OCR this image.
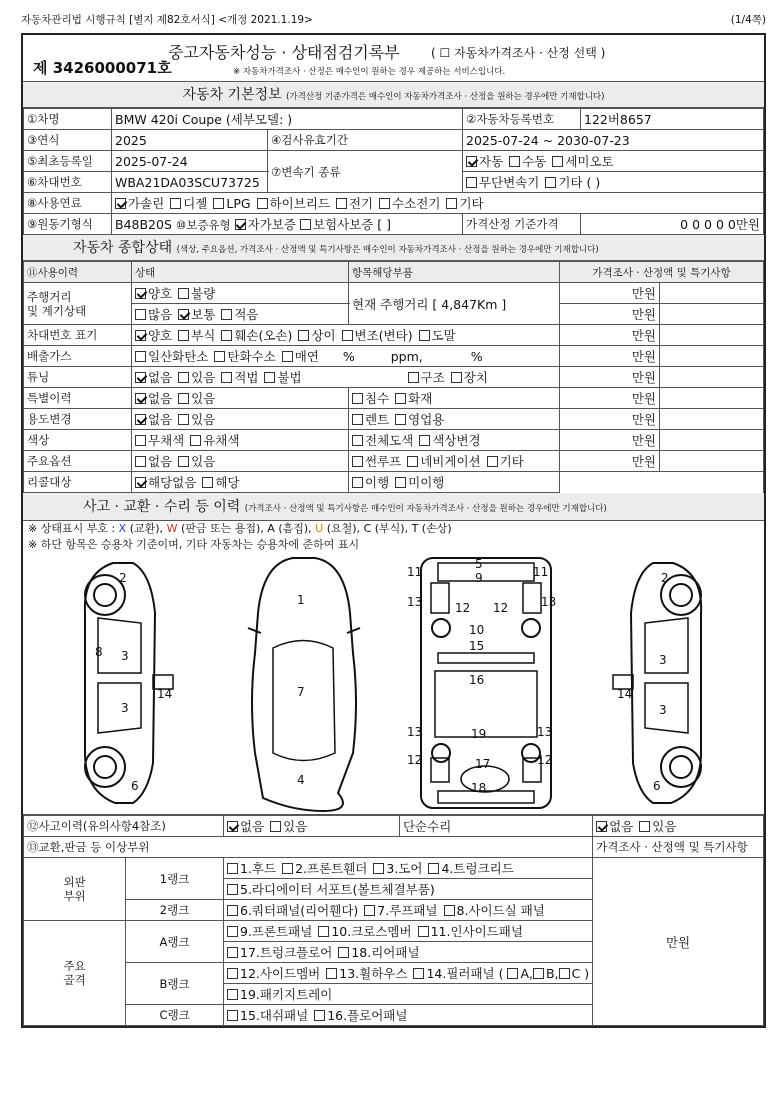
자동차관리법 시행규칙 [별지 제82호서식] <개정 2021.1.19>	(1/4쪽)
제 3426000071호
중고자동차성능 · 상태점검기록부	( ☐ 자동차가격조사 · 산정 선택 )
※ 자동차가격조사 · 산정은 매수인이 원하는 경우 제공하는 서비스입니다.
자동차 기본정보 (가격산정 기준가격은 매수인이 자동차가격조사 · 산정을 원하는 경우에만 기재합니다)
①차명	BMW 420i Coupe (세부모델: )		②자동차등록번호	122버8657
③연식	2025	④검사유효기간	2025-07-24 ~ 2030-07-23	
⑤최초등록일	2025-07-24	⑦변속기 종류	자동 수동 세미오토	
⑥차대번호	WBA21DA03SCU73725		무단변속기 기타 ( )	
⑧사용연료	가솔린 디젤 LPG 하이브리드 전기 수소전기 기타			
⑨원동기형식	B48B20S ⑩보증유형 자가보증 보험사보증 [ ]		가격산정 기준가격	0 0 0 0 0만원
자동차 종합상태 (색상, 주요옵션, 가격조사 · 산정액 및 특기사항은 매수인이 자동차가격조사 · 산정을 원하는 경우에만 기재합니다)
⑪사용이력	상태	항목해당부품	가격조사 · 산정액 및 특기사항	
주행거리
및 계기상태	양호 불량	현재 주행거리 [ 4,847Km ]	만원	
	많음 보통 적음		만원	
차대번호 표기	양호 부식 훼손(오손) 상이 변조(변타) 도말		만원	
배출가스	일산화탄소 탄화수소 매연 % ppm, %		만원	
튜닝	없음 있음 적법 불법 구조 장치		만원	
특별이력	없음 있음	침수 화재	만원	
용도변경	없음 있음	렌트 영업용	만원	
색상	무채색 유채색	전체도색 색상변경	만원	
주요옵션	없음 있음	썬루프 네비게이션 기타	만원	
리콜대상	해당없음 해당	이행 미이행		
사고 · 교환 · 수리 등 이력 (가격조사 · 산정액 및 특기사항은 매수인이 자동차가격조사 · 산정을 원하는 경우에만 기재합니다)
※ 상태표시 부호 : X (교환), W (판금 또는 용접), A (흠집), U (요철), C (부식), T (손상)
※ 하단 항목은 승용차 기준이며, 기타 자동차는 승용차에 준하여 표시
2
8 3
3
14
6
1
7
4
5
9
11	11
13	13
12 12
10
15
16
13	13
19
12	12
17
18
2
14
3
3
6
⑫사고이력(유의사항4참조)		없음 있음	단순수리	없음 있음
⑬교환,판금 등 이상부위				가격조사 · 산정액 및 특기사항
외판
부위	1랭크	1.후드 2.프론트휀더 3.도어 4.트렁크리드		만원
		5.라디에이터 서포트(볼트체결부품)		
	2랭크	6.쿼터패널(리어휀다) 7.루프패널 8.사이드실 패널		
주요
골격	A랭크	9.프론트패널 10.크로스멤버 11.인사이드패널		
		17.트렁크플로어 18.리어패널		
	B랭크	12.사이드멤버 13.휠하우스 14.필러패널 ( A, B, C )		
		19.패키지트레이		
	C랭크	15.대쉬패널 16.플로어패널		
